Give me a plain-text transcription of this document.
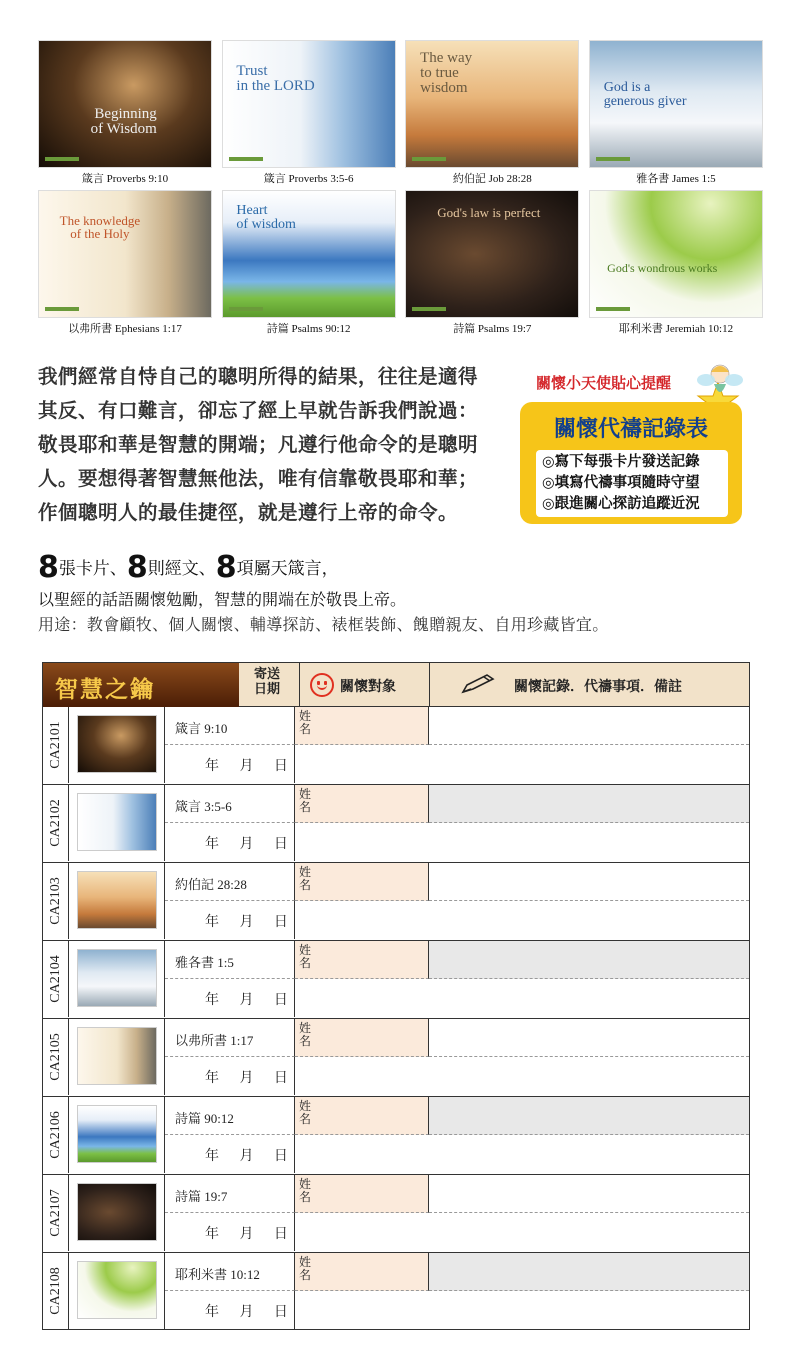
Beginning
of Wisdom
箴言 Proverbs 9:10
Trust
in the LORD
箴言 Proverbs 3:5-6
The way
to true
wisdom
約伯記 Job 28:28
God is a
generous giver
雅各書 James 1:5
The knowledge
of the Holy
以弗所書 Ephesians 1:17
Heart
of wisdom
詩篇 Psalms 90:12
God's law is perfect
詩篇 Psalms 19:7
God's wondrous works
耶利米書 Jeremiah 10:12

我們經常自恃自己的聰明所得的結果，往往是適得其反、有口難言，卻忘了經上早就告訴我們說過：敬畏耶和華是智慧的開端；凡遵行他命令的是聰明人。要想得著智慧無他法，唯有信靠敬畏耶和華；作個聰明人的最佳捷徑，就是遵行上帝的命令。

關懷小天使貼心提醒
關懷代禱記錄表
◎寫下每張卡片發送記錄
◎填寫代禱事項隨時守望
◎跟進關心探訪追蹤近況
8張卡片、8則經文、8項屬天箴言，
以聖經的話語關懷勉勵，智慧的開端在於敬畏上帝。
用途：教會顧牧、個人關懷、輔導探訪、裱框裝飾、餽贈親友、自用珍藏皆宜。
智慧之鑰
寄送
日期	關懷對象	關懷記錄．代禱事項．備註
CA2101	箴言 9:10
年 月 日
姓名
CA2102	箴言 3:5-6
年 月 日
姓名
CA2103	約伯記 28:28
年 月 日
姓名
CA2104	雅各書 1:5
年 月 日
姓名
CA2105	以弗所書 1:17
年 月 日
姓名
CA2106	詩篇 90:12
年 月 日
姓名
CA2107	詩篇 19:7
年 月 日
姓名
CA2108	耶利米書 10:12
年 月 日
姓名
